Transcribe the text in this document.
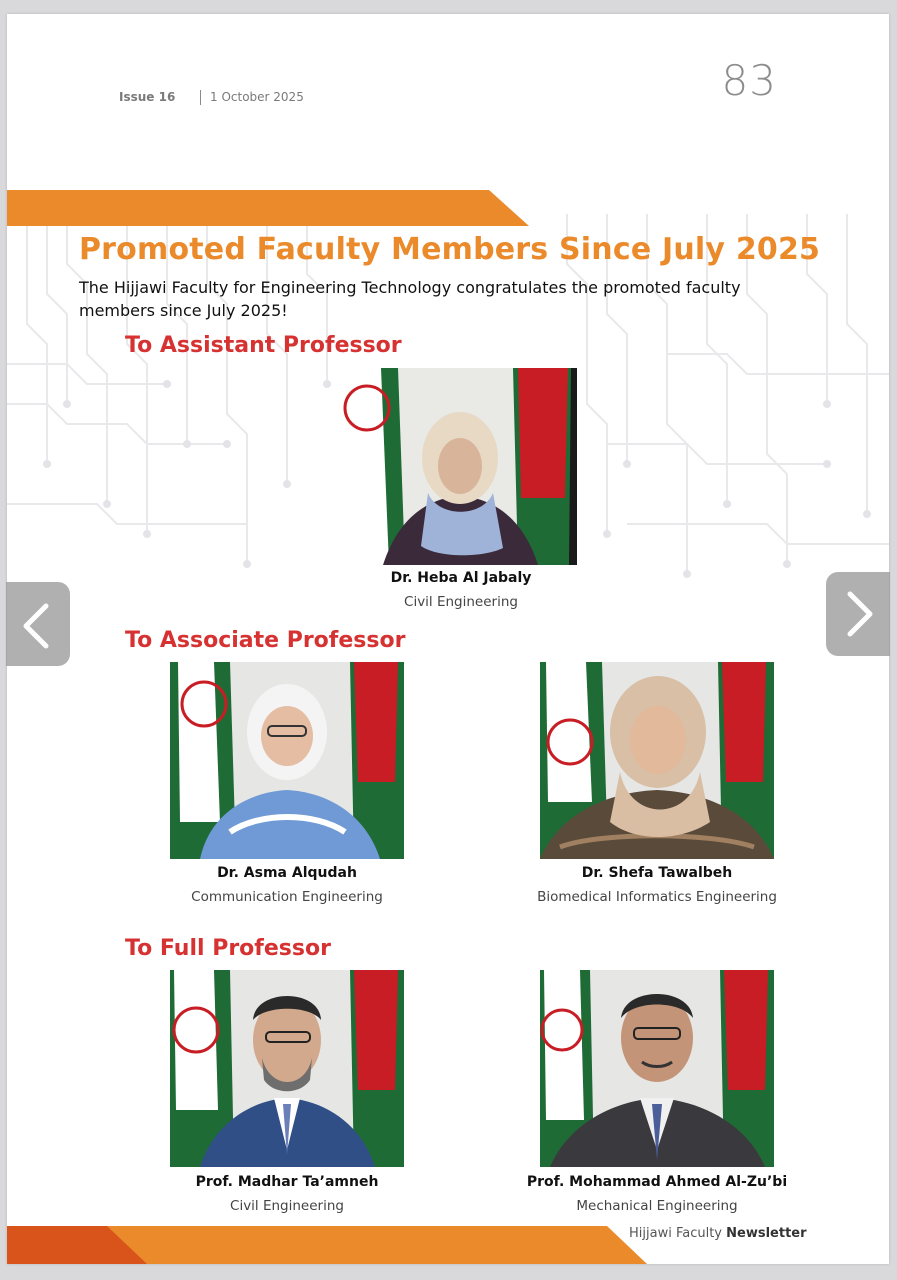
Issue 16	1 October 2025	83
Promoted Faculty Members Since July 2025

The Hijjawi Faculty for Engineering Technology congratulates the promoted faculty members since July 2025!

To Assistant Professor
Dr. Heba Al Jabaly
Civil Engineering
To Associate Professor
Dr. Asma Alqudah
Communication Engineering
Dr. Shefa Tawalbeh
Biomedical Informatics Engineering
To Full Professor
Prof. Madhar Ta’amneh
Civil Engineering
Prof. Mohammad Ahmed Al-Zu’bi
Mechanical Engineering
Hijjawi Faculty Newsletter
